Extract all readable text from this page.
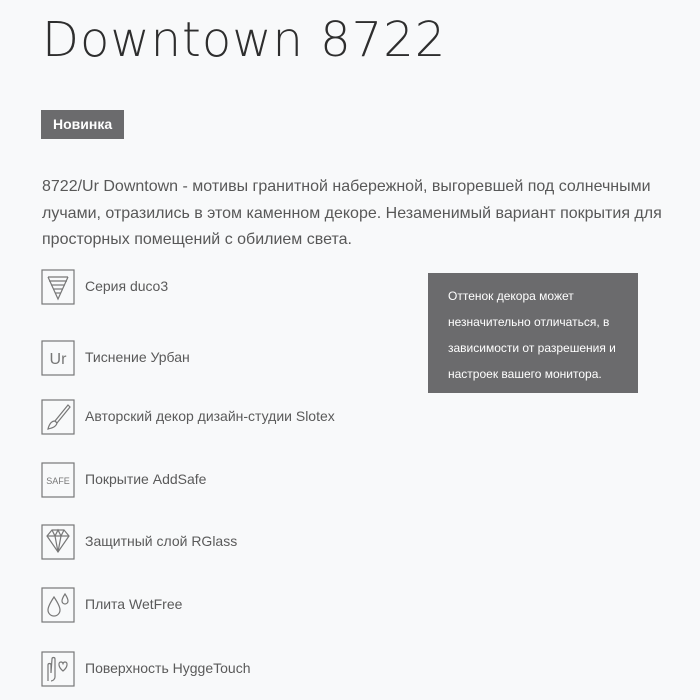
Downtown 8722
Новинка
8722/Ur Downtown - мотивы гранитной набережной, выгоревшей под солнечными лучами, отразились в этом каменном декоре. Незаменимый вариант покрытия для просторных помещений с обилием света.
Серия duco3
Ur Тиснение Урбан
Авторский декор дизайн-студии Slotex
SAFE Покрытие AddSafe
Защитный слой RGlass
Плита WetFree
Поверхность HyggeTouch
Оттенок декора может незначительно отличаться, в зависимости от разрешения и настроек вашего монитора.
